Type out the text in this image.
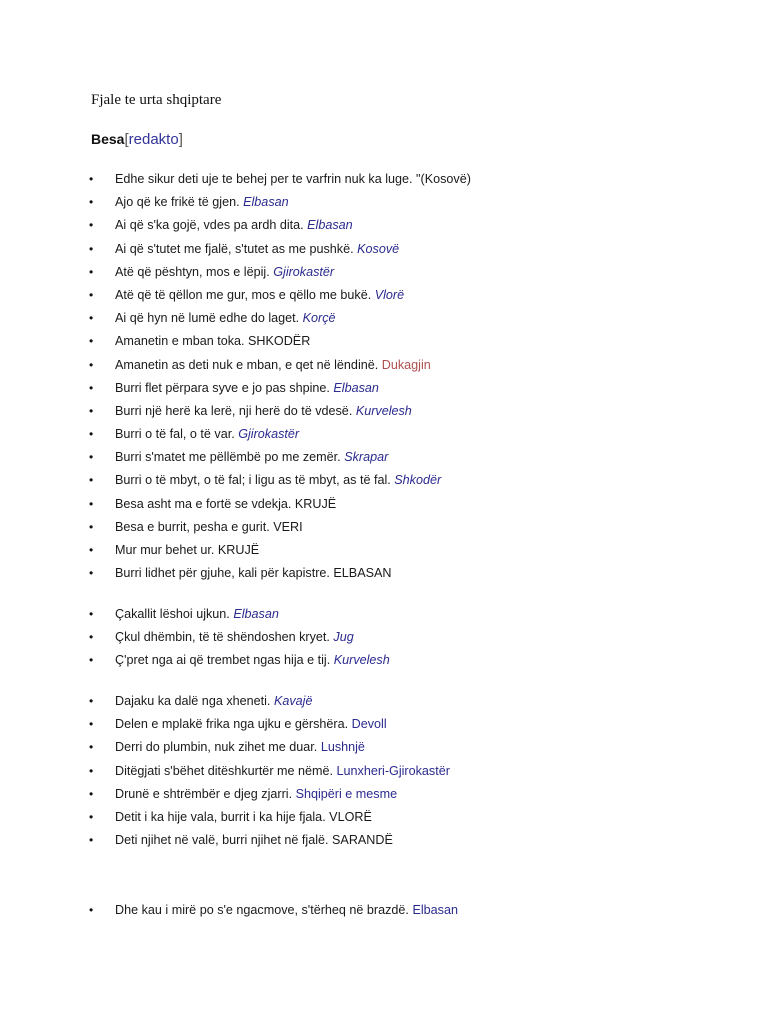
Fjale te urta shqiptare
Besa[redakto]
• Edhe sikur deti uje te behej per te varfrin nuk ka luge. "(Kosovë)
• Ajo që ke frikë të gjen. Elbasan
• Ai që s'ka gojë, vdes pa ardh dita. Elbasan
• Ai që s'tutet me fjalë, s'tutet as me pushkë. Kosovë
• Atë që pështyn, mos e lëpij. Gjirokastër
• Atë që të qëllon me gur, mos e qëllo me bukë. Vlorë
• Ai që hyn në lumë edhe do laget. Korçë
• Amanetin e mban toka. SHKODËR
• Amanetin as deti nuk e mban, e qet në lëndinë. Dukagjin
• Burri flet përpara syve e jo pas shpine. Elbasan
• Burri një herë ka lerë, nji herë do të vdesë. Kurvelesh
• Burri o të fal, o të var. Gjirokastër
• Burri s'matet me pëllëmbë po me zemër. Skrapar
• Burri o të mbyt, o të fal; i ligu as të mbyt, as të fal. Shkodër
• Besa asht ma e fortë se vdekja. KRUJË
• Besa e burrit, pesha e gurit. VERI
• Mur mur behet ur. KRUJË
• Burri lidhet për gjuhe, kali për kapistre. ELBASAN
• Çakallit lëshoi ujkun. Elbasan
• Çkul dhëmbin, të të shëndoshen kryet. Jug
• Ç'pret nga ai që trembet ngas hija e tij. Kurvelesh
• Dajaku ka dalë nga xheneti. Kavajë
• Delen e mplakë frika nga ujku e gërshëra. Devoll
• Derri do plumbin, nuk zihet me duar. Lushnjë
• Ditëgjati s'bëhet ditëshkurtër me nëmë. Lunxheri-Gjirokastër
• Drunë e shtrëmbër e djeg zjarri. Shqipëri e mesme
• Detit i ka hije vala, burrit i ka hije fjala. VLORË
• Deti njihet në valë, burri njihet në fjalë. SARANDË
• Dhe kau i mirë po s'e ngacmove, s'tërheq në brazdë. Elbasan
